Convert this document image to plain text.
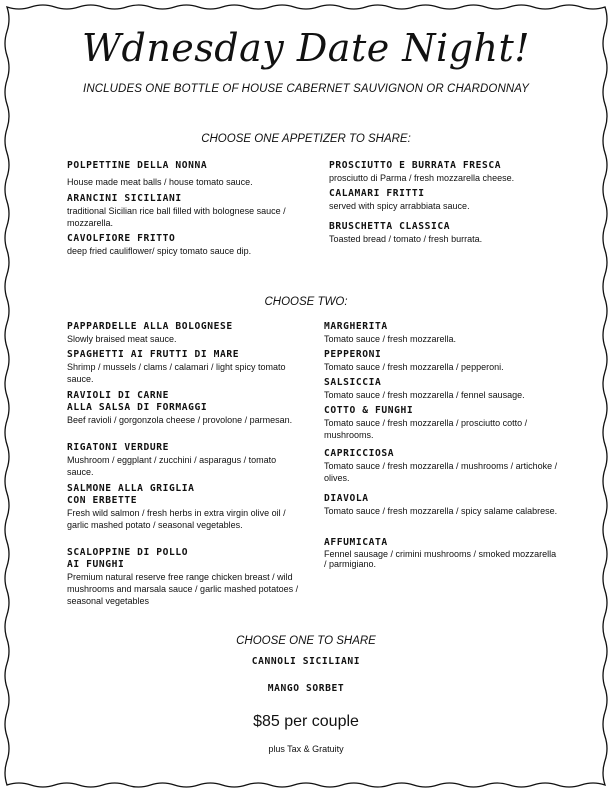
Wdnesday Date Night!
INCLUDES ONE BOTTLE OF HOUSE CABERNET SAUVIGNON OR CHARDONNAY
CHOOSE ONE APPETIZER TO SHARE:
POLPETTINE DELLA NONNA
House made meat balls / house tomato sauce.
ARANCINI SICILIANI
traditional Sicilian rice ball filled with bolognese sauce / mozzarella.
CAVOLFIORE FRITTO
deep fried cauliflower/ spicy tomato sauce dip.
PROSCIUTTO E BURRATA FRESCA
prosciutto di Parma / fresh mozzarella cheese.
CALAMARI FRITTI
served with spicy arrabbiata sauce.
BRUSCHETTA CLASSICA
Toasted bread / tomato / fresh burrata.
CHOOSE TWO:
PAPPARDELLE ALLA BOLOGNESE
Slowly braised meat sauce.
SPAGHETTI AI FRUTTI DI MARE
Shrimp / mussels / clams / calamari / light spicy tomato sauce.
RAVIOLI DI CARNE
ALLA SALSA DI FORMAGGI
Beef ravioli / gorgonzola cheese / provolone / parmesan.
RIGATONI VERDURE
Mushroom / eggplant / zucchini / asparagus / tomato sauce.
SALMONE ALLA GRIGLIA
CON ERBETTE
Fresh wild salmon / fresh herbs in extra virgin olive oil / garlic mashed potato / seasonal vegetables.
SCALOPPINE DI POLLO
AI FUNGHI
Premium natural reserve free range chicken breast / wild mushrooms and marsala sauce / garlic mashed potatoes / seasonal vegetables
MARGHERITA
Tomato sauce / fresh mozzarella.
PEPPERONI
Tomato sauce / fresh mozzarella / pepperoni.
SALSICCIA
Tomato sauce / fresh mozzarella / fennel sausage.
COTTO & FUNGHI
Tomato sauce / fresh mozzarella / prosciutto cotto / mushrooms.
CAPRICCIOSA
Tomato sauce / fresh mozzarella / mushrooms / artichoke / olives.
DIAVOLA
Tomato sauce / fresh mozzarella / spicy salame calabrese.
AFFUMICATA
Fennel sausage / crimini mushrooms / smoked mozzarella / parmigiano.
CHOOSE ONE TO SHARE
CANNOLI SICILIANI
MANGO SORBET
$85 per couple
plus Tax & Gratuity
